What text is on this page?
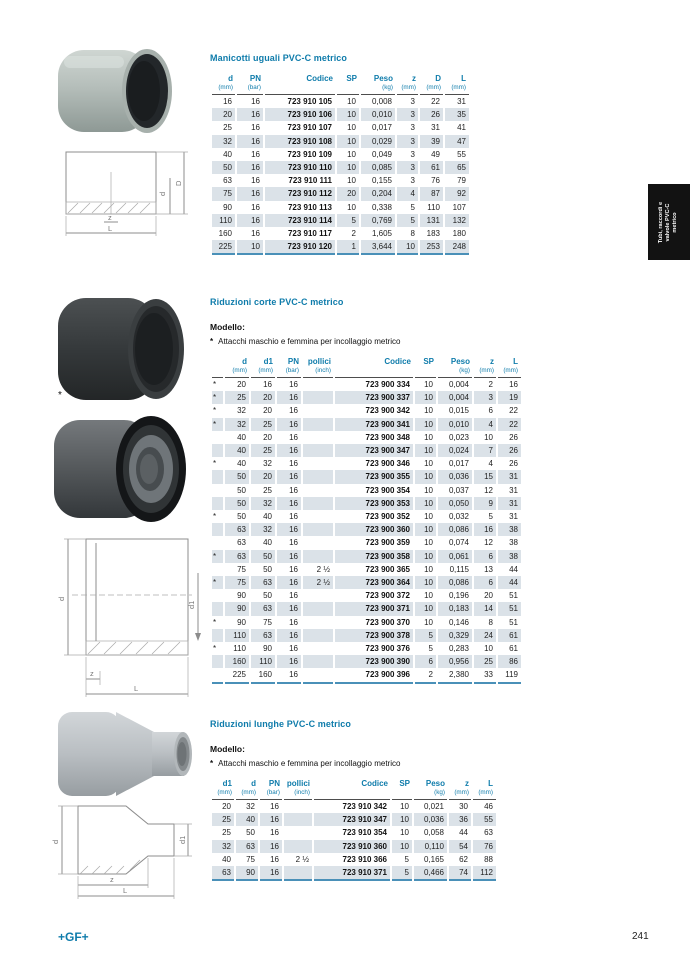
d
D
z
L
*
d
d1
z
L
d	d1
z
L
Manicotti uguali PVC-C metrico
d	PN	Codice	SP	Peso	z	D	L
(mm)	(bar)			(kg)	(mm)	(mm)	(mm)
16	16	723 910 105	10	0,008	3	22	31
20	16	723 910 106	10	0,010	3	26	35
25	16	723 910 107	10	0,017	3	31	41
32	16	723 910 108	10	0,029	3	39	47
40	16	723 910 109	10	0,049	3	49	55
50	16	723 910 110	10	0,085	3	61	65
63	16	723 910 111	10	0,155	3	76	79
75	16	723 910 112	20	0,204	4	87	92
90	16	723 910 113	10	0,338	5	110	107
110	16	723 910 114	5	0,769	5	131	132
160	16	723 910 117	2	1,605	8	183	180
225	10	723 910 120	1	3,644	10	253	248
Riduzioni corte PVC-C metrico
Modello:
* Attacchi maschio e femmina per incollaggio metrico
	d	d1	PN	pollici	Codice	SP	Peso	z	L
	(mm)	(mm)	(bar)	(inch)			(kg)	(mm)	(mm)
*	20	16	16		723 900 334	10	0,004	2	16
*	25	20	16		723 900 337	10	0,004	3	19
*	32	20	16		723 900 342	10	0,015	6	22
*	32	25	16		723 900 341	10	0,010	4	22
	40	20	16		723 900 348	10	0,023	10	26
	40	25	16		723 900 347	10	0,024	7	26
*	40	32	16		723 900 346	10	0,017	4	26
	50	20	16		723 900 355	10	0,036	15	31
	50	25	16		723 900 354	10	0,037	12	31
	50	32	16		723 900 353	10	0,050	9	31
*	50	40	16		723 900 352	10	0,032	5	31
	63	32	16		723 900 360	10	0,086	16	38
	63	40	16		723 900 359	10	0,074	12	38
*	63	50	16		723 900 358	10	0,061	6	38
	75	50	16	2 ½	723 900 365	10	0,115	13	44
*	75	63	16	2 ½	723 900 364	10	0,086	6	44
	90	50	16		723 900 372	10	0,196	20	51
	90	63	16		723 900 371	10	0,183	14	51
*	90	75	16		723 900 370	10	0,146	8	51
	110	63	16		723 900 378	5	0,329	24	61
*	110	90	16		723 900 376	5	0,283	10	61
	160	110	16		723 900 390	6	0,956	25	86
	225	160	16		723 900 396	2	2,380	33	119
Riduzioni lunghe PVC-C metrico
Modello:
* Attacchi maschio e femmina per incollaggio metrico
d1	d	PN	pollici	Codice	SP	Peso	z	L
(mm)	(mm)	(bar)	(inch)			(kg)	(mm)	(mm)
20	32	16		723 910 342	10	0,021	30	46
25	40	16		723 910 347	10	0,036	36	55
25	50	16		723 910 354	10	0,058	44	63
32	63	16		723 910 360	10	0,110	54	76
40	75	16	2 ½	723 910 366	5	0,165	62	88
63	90	16		723 910 371	5	0,466	74	112
Tubi, raccordi e valvole PVC-C metrico
+GF+	241
